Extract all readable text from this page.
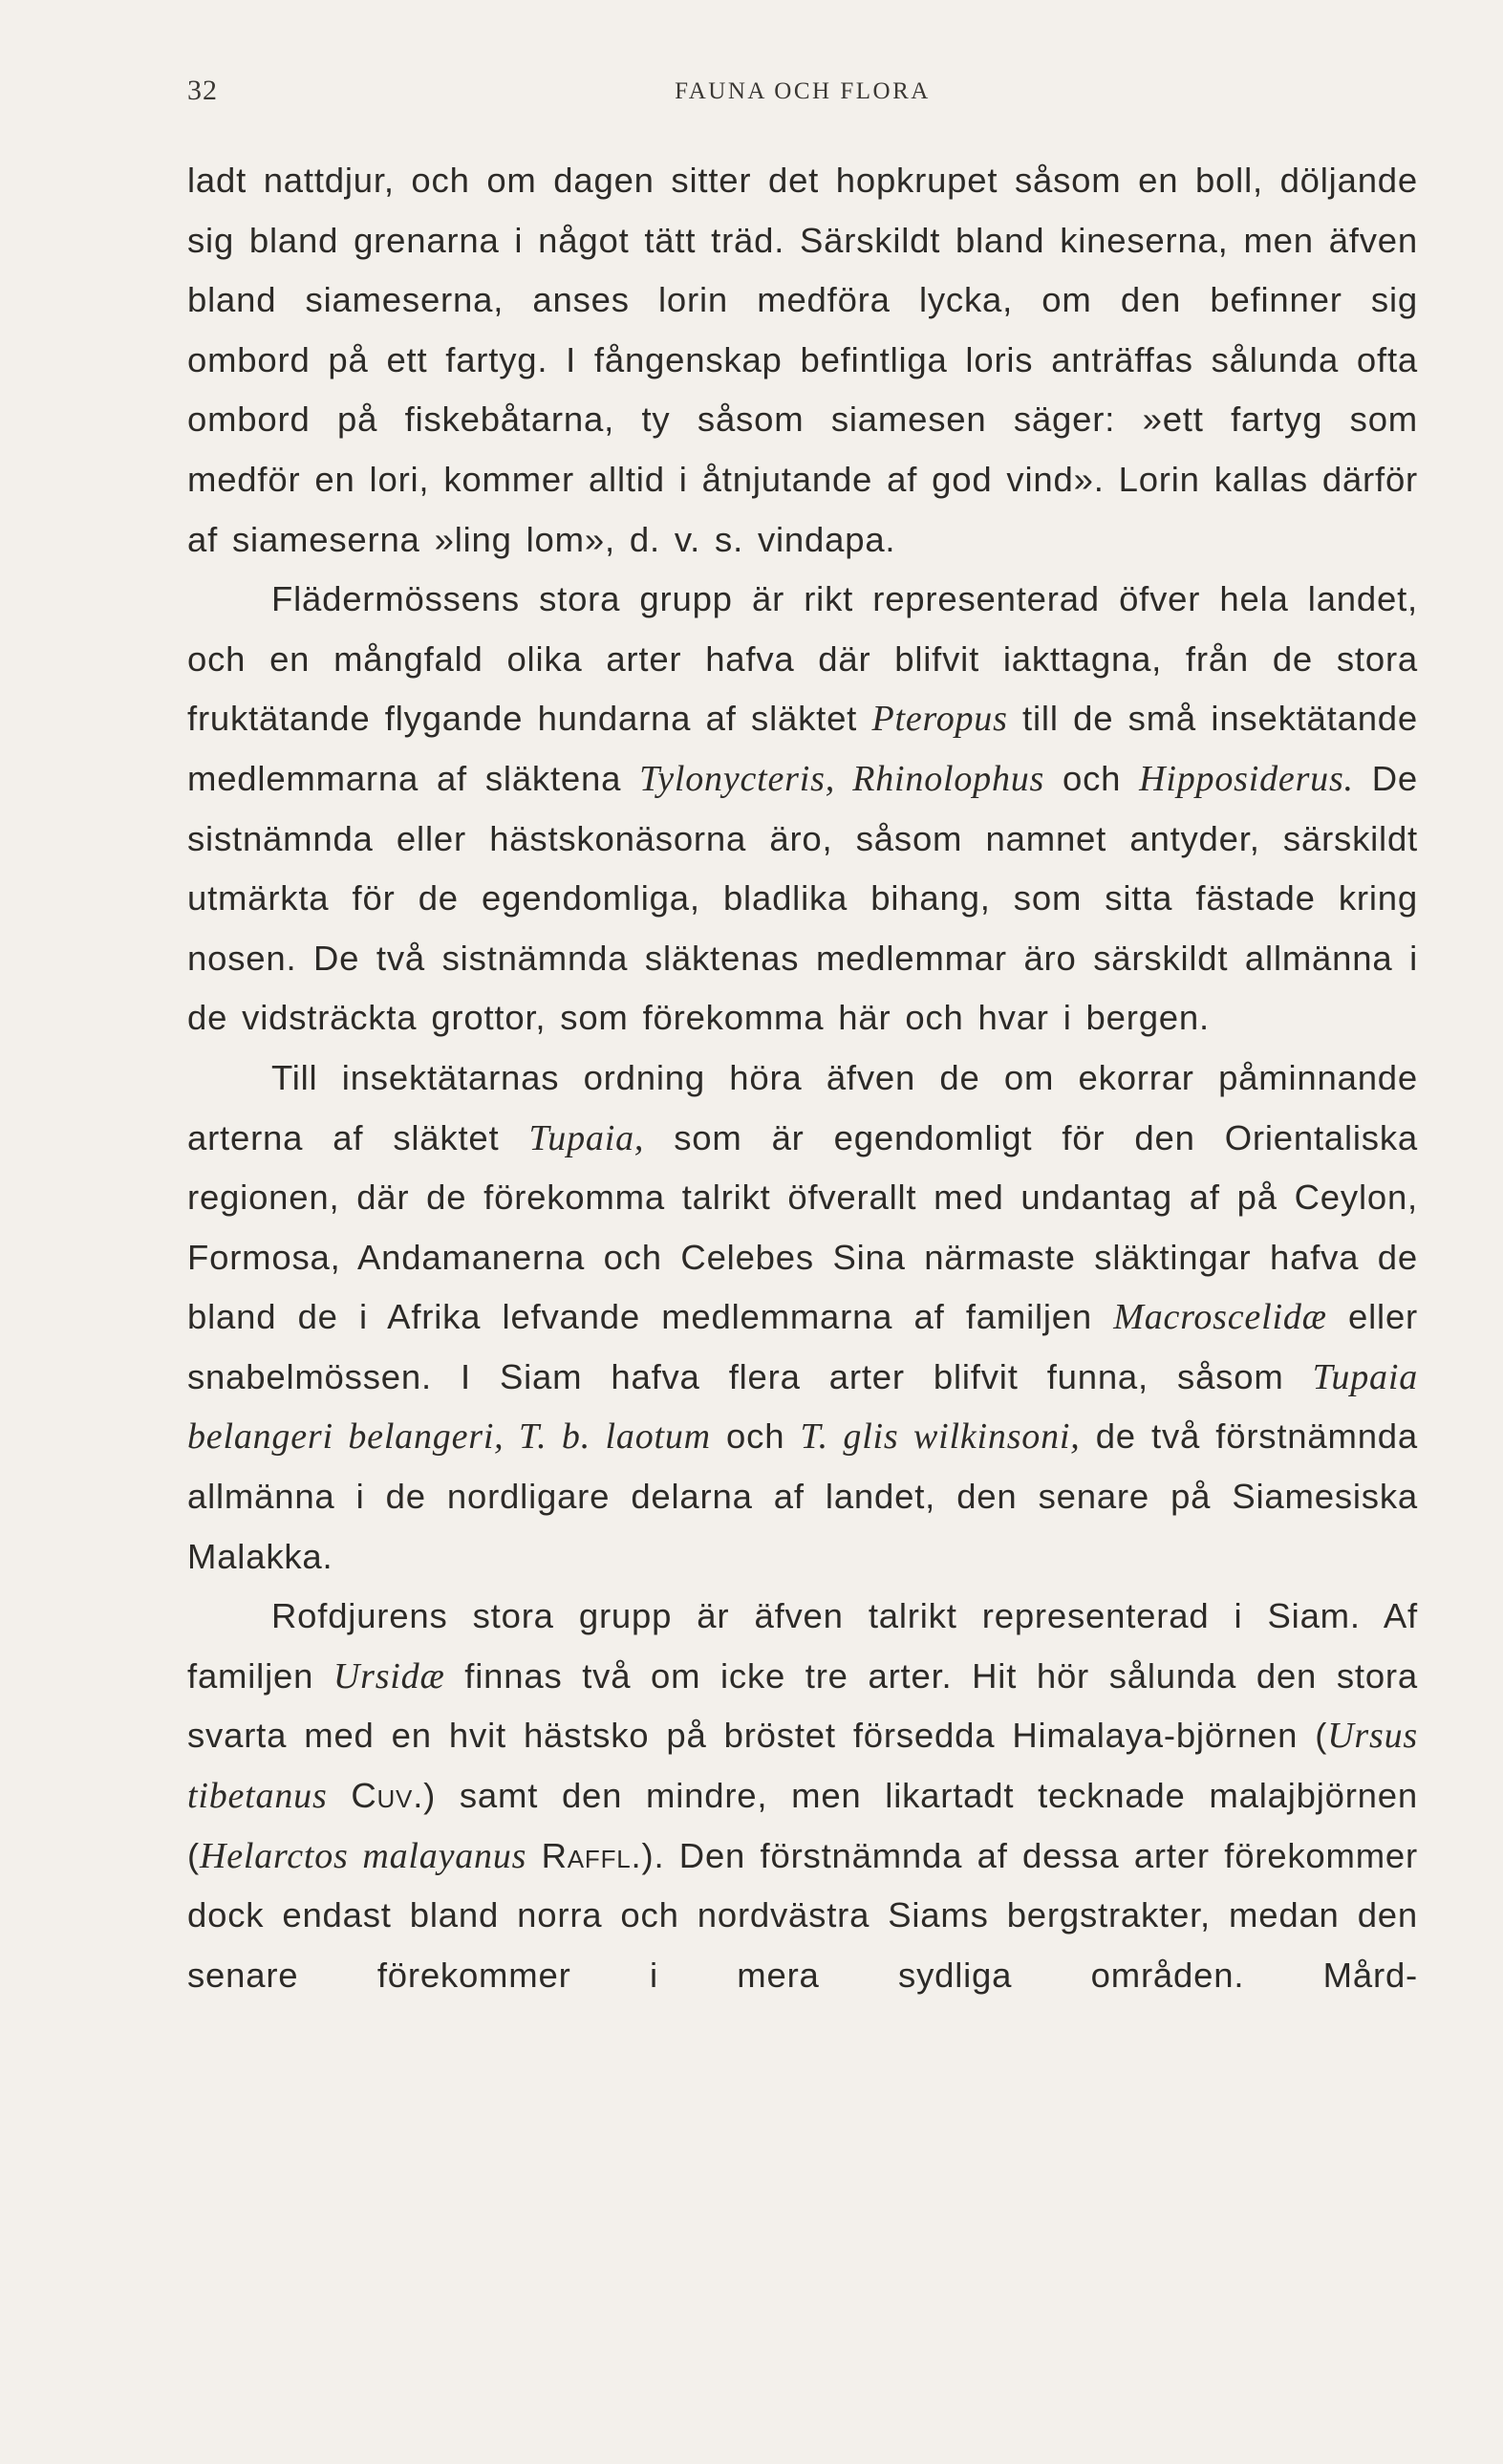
32	FAUNA OCH FLORA

ladt nattdjur, och om dagen sitter det hopkrupet såsom en boll, döljande sig bland grenarna i något tätt träd. Särskildt bland kineserna, men äfven bland siameserna, anses lorin medföra lycka, om den befinner sig ombord på ett fartyg. I fångenskap befintliga loris anträffas sålunda ofta ombord på fiskebåtarna, ty såsom siamesen säger: »ett fartyg som medför en lori, kommer alltid i åtnjutande af god vind». Lorin kallas därför af siameserna »ling lom», d. v. s. vindapa.

Flädermössens stora grupp är rikt representerad öfver hela landet, och en mångfald olika arter hafva där blifvit iakttagna, från de stora fruktätande flygande hundarna af släktet Pteropus till de små insektätande medlemmarna af släktena Tylonycteris, Rhinolophus och Hipposiderus. De sistnämnda eller hästskonäsorna äro, såsom namnet antyder, särskildt utmärkta för de egendomliga, bladlika bihang, som sitta fästade kring nosen. De två sistnämnda släktenas medlemmar äro särskildt allmänna i de vidsträckta grottor, som förekomma här och hvar i bergen.

Till insektätarnas ordning höra äfven de om ekorrar påminnande arterna af släktet Tupaia, som är egendomligt för den Orientaliska regionen, där de förekomma talrikt öfverallt med undantag af på Ceylon, Formosa, Andamanerna och Celebes Sina närmaste släktingar hafva de bland de i Afrika lefvande medlemmarna af familjen Macroscelidæ eller snabelmössen. I Siam hafva flera arter blifvit funna, såsom Tupaia belangeri belangeri, T. b. laotum och T. glis wilkinsoni, de två förstnämnda allmänna i de nordligare delarna af landet, den senare på Siamesiska Malakka.

Rofdjurens stora grupp är äfven talrikt representerad i Siam. Af familjen Ursidæ finnas två om icke tre arter. Hit hör sålunda den stora svarta med en hvit hästsko på bröstet försedda Himalaya-björnen (Ursus tibetanus Cuv.) samt den mindre, men likartadt tecknade malajbjörnen (Helarctos malayanus Raffl.). Den förstnämnda af dessa arter förekommer dock endast bland norra och nordvästra Siams bergstrakter, medan den senare förekommer i mera sydliga områden. Mård-
